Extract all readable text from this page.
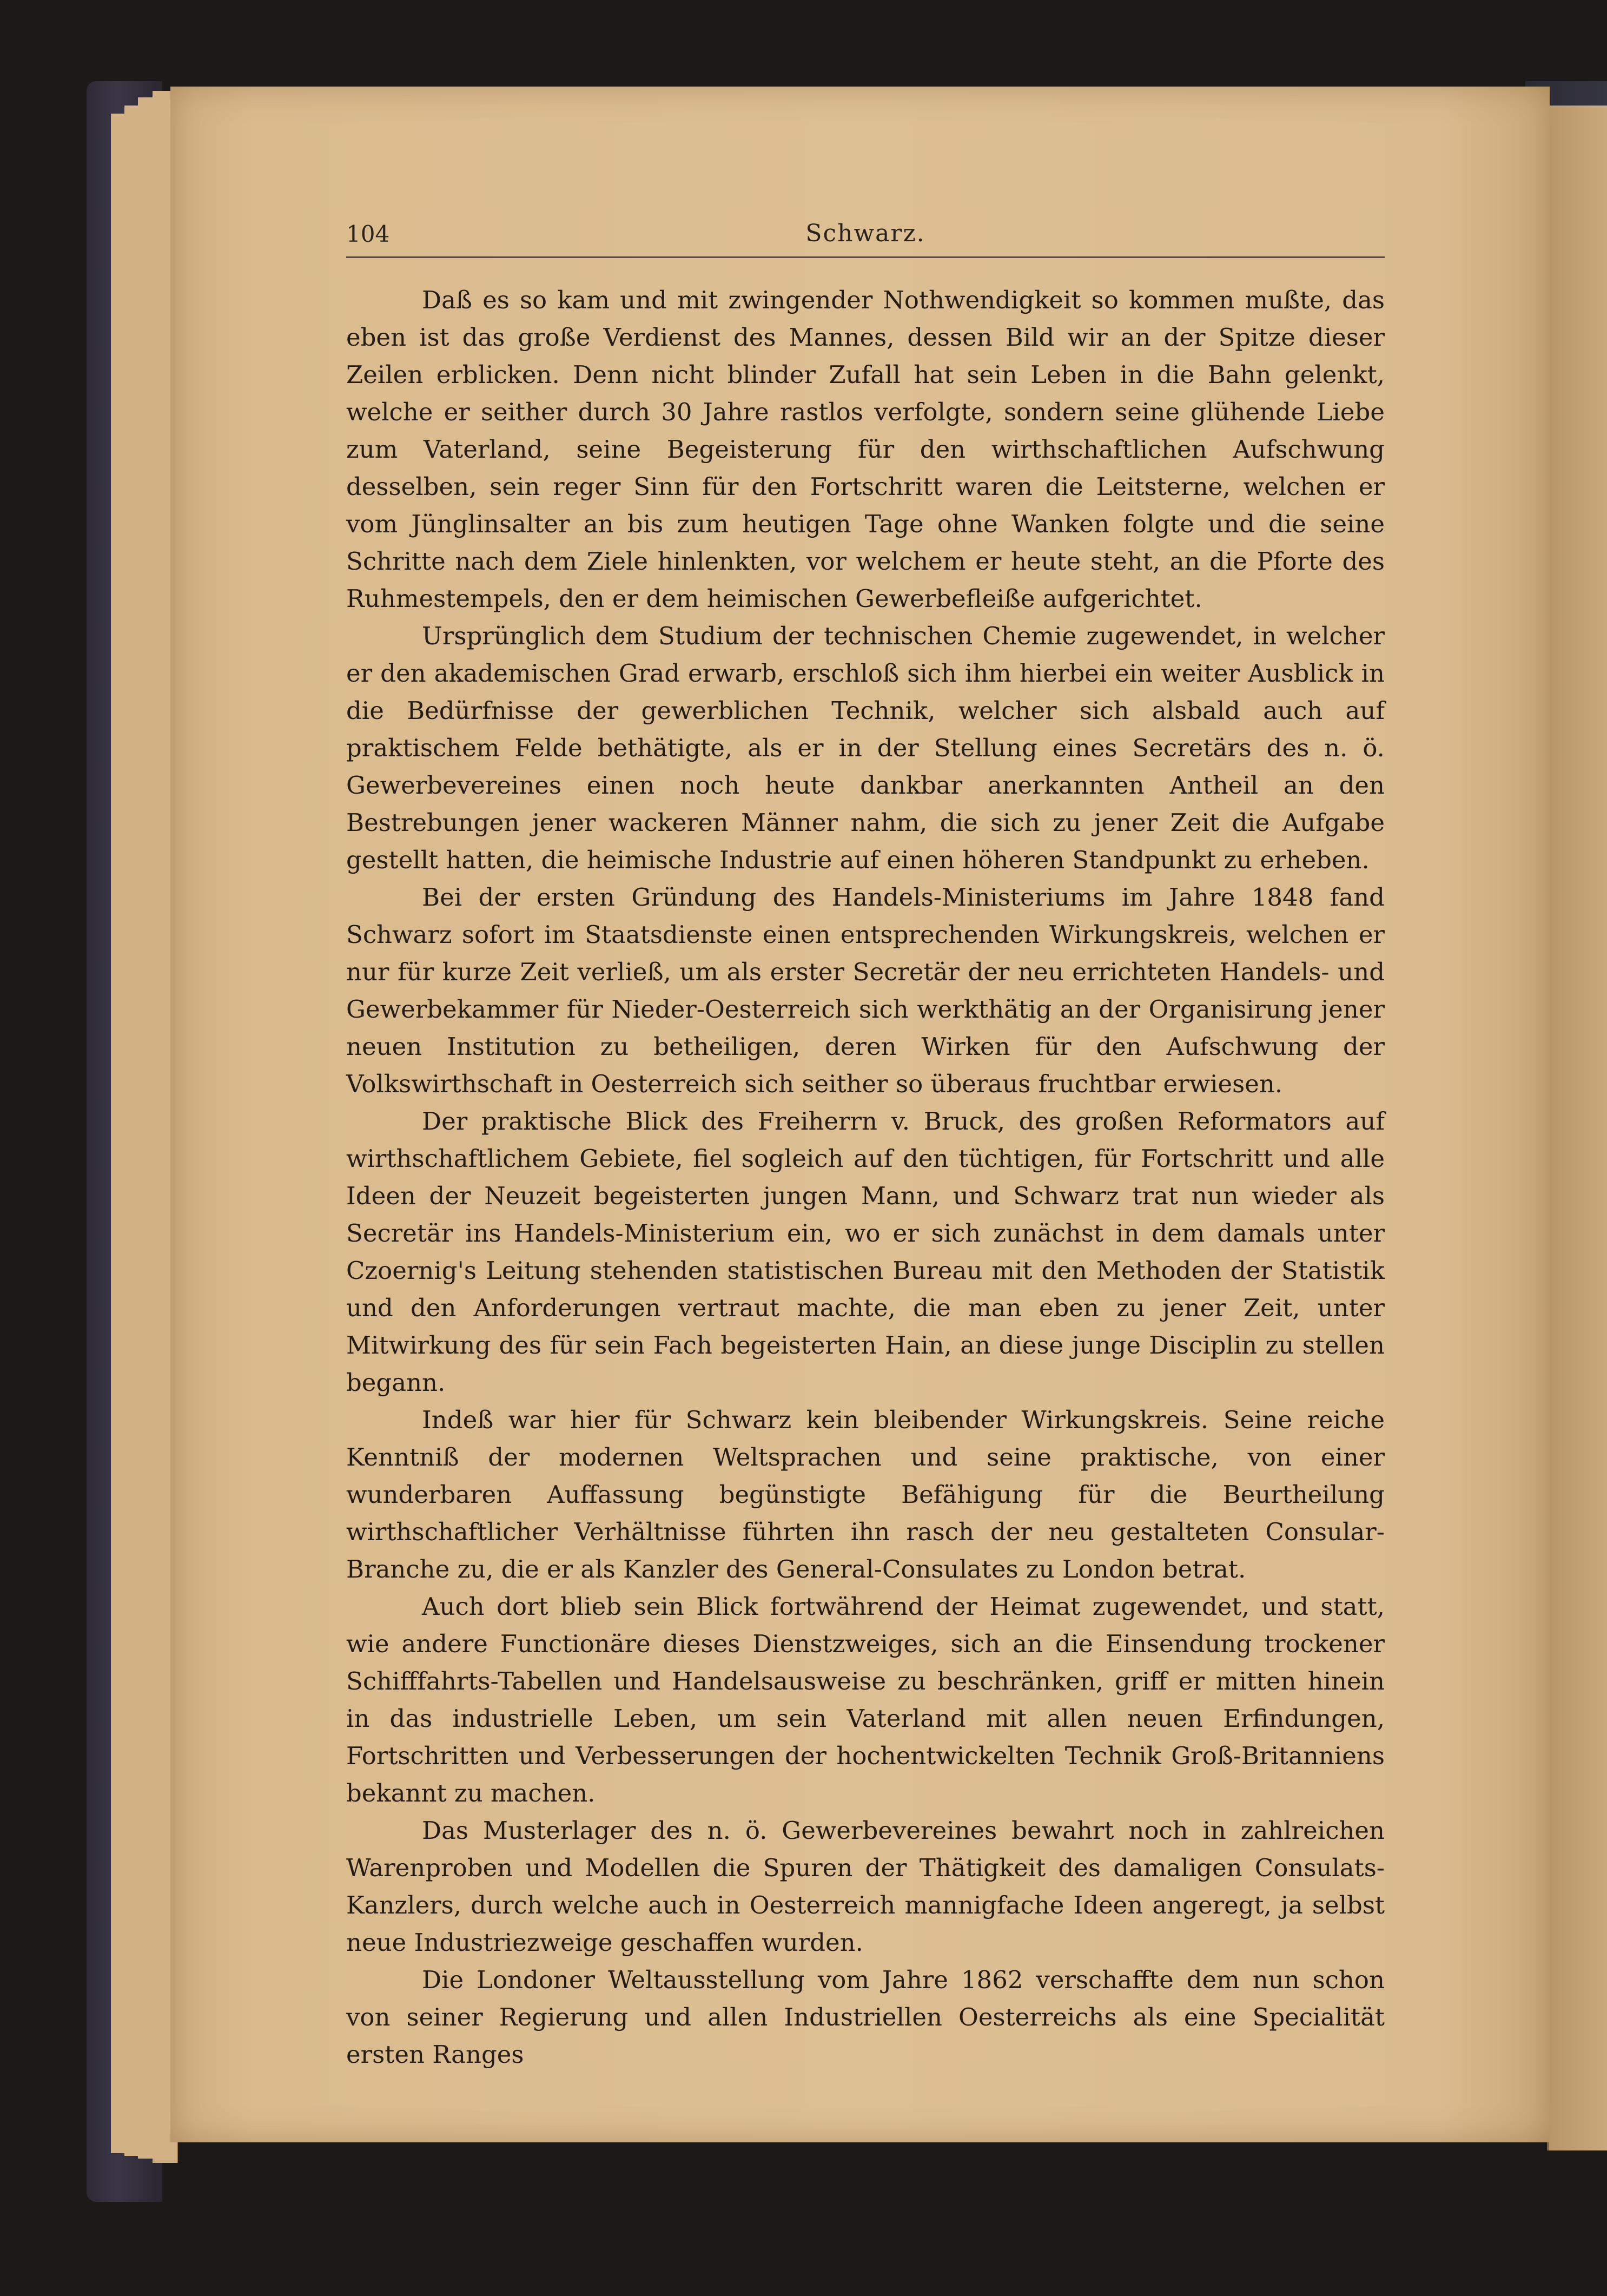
104	Schwarz.

Daß es so kam und mit zwingender Nothwendigkeit so kommen mußte, das eben ist das große Verdienst des Mannes, dessen Bild wir an der Spitze dieser Zeilen erblicken. Denn nicht blinder Zufall hat sein Leben in die Bahn gelenkt, welche er seither durch 30 Jahre rastlos verfolgte, sondern seine glühende Liebe zum Vaterland, seine Begeisterung für den wirthschaftlichen Aufschwung desselben, sein reger Sinn für den Fortschritt waren die Leitsterne, welchen er vom Jünglinsalter an bis zum heutigen Tage ohne Wanken folgte und die seine Schritte nach dem Ziele hinlenkten, vor welchem er heute steht, an die Pforte des Ruhmestempels, den er dem heimischen Gewerbefleiße aufgerichtet.

Ursprünglich dem Studium der technischen Chemie zugewendet, in welcher er den akademischen Grad erwarb, erschloß sich ihm hierbei ein weiter Ausblick in die Bedürfnisse der gewerblichen Technik, welcher sich alsbald auch auf praktischem Felde bethätigte, als er in der Stellung eines Secretärs des n. ö. Gewerbevereines einen noch heute dankbar anerkannten Antheil an den Bestrebungen jener wackeren Männer nahm, die sich zu jener Zeit die Aufgabe gestellt hatten, die heimische Industrie auf einen höheren Standpunkt zu erheben.

Bei der ersten Gründung des Handels-Ministeriums im Jahre 1848 fand Schwarz sofort im Staatsdienste einen entsprechenden Wirkungskreis, welchen er nur für kurze Zeit verließ, um als erster Secretär der neu errichteten Handels- und Gewerbekammer für Nieder-Oesterreich sich werkthätig an der Organisirung jener neuen Institution zu betheiligen, deren Wirken für den Aufschwung der Volkswirthschaft in Oesterreich sich seither so überaus fruchtbar erwiesen.

Der praktische Blick des Freiherrn v. Bruck, des großen Reformators auf wirthschaftlichem Gebiete, fiel sogleich auf den tüchtigen, für Fortschritt und alle Ideen der Neuzeit begeisterten jungen Mann, und Schwarz trat nun wieder als Secretär ins Handels-Ministerium ein, wo er sich zunächst in dem damals unter Czoernig's Leitung stehenden statistischen Bureau mit den Methoden der Statistik und den Anforderungen vertraut machte, die man eben zu jener Zeit, unter Mitwirkung des für sein Fach begeisterten Hain, an diese junge Disciplin zu stellen begann.

Indeß war hier für Schwarz kein bleibender Wirkungskreis. Seine reiche Kenntniß der modernen Weltsprachen und seine praktische, von einer wunderbaren Auffassung begünstigte Befähigung für die Beurtheilung wirthschaftlicher Verhältnisse führten ihn rasch der neu gestalteten Consular-Branche zu, die er als Kanzler des General-Consulates zu London betrat.

Auch dort blieb sein Blick fortwährend der Heimat zugewendet, und statt, wie andere Functionäre dieses Dienstzweiges, sich an die Einsendung trockener Schifffahrts-Tabellen und Handelsausweise zu beschränken, griff er mitten hinein in das industrielle Leben, um sein Vaterland mit allen neuen Erfindungen, Fortschritten und Verbesserungen der hochentwickelten Technik Groß-Britanniens bekannt zu machen.

Das Musterlager des n. ö. Gewerbevereines bewahrt noch in zahlreichen Warenproben und Modellen die Spuren der Thätigkeit des damaligen Consulats-Kanzlers, durch welche auch in Oesterreich mannigfache Ideen angeregt, ja selbst neue Industriezweige geschaffen wurden.

Die Londoner Weltausstellung vom Jahre 1862 verschaffte dem nun schon von seiner Regierung und allen Industriellen Oesterreichs als eine Specialität ersten Ranges
